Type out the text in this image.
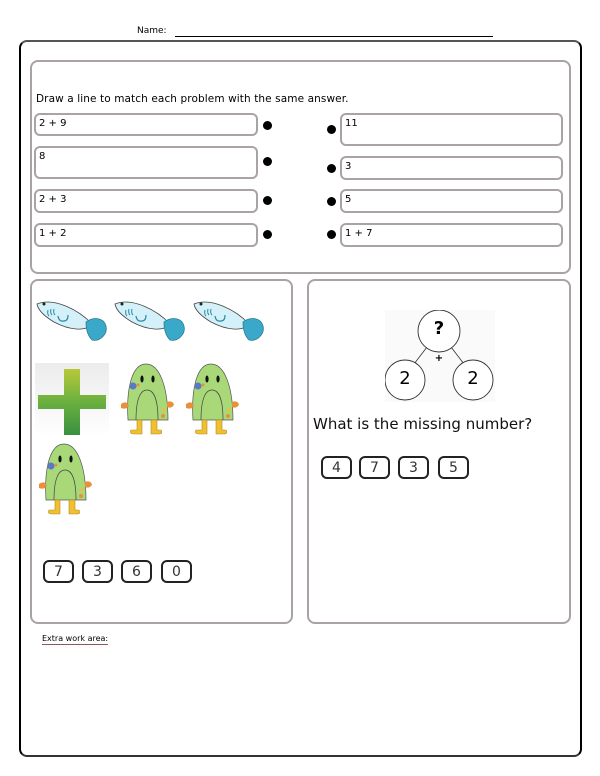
Name:
Draw a line to match each problem with the same answer.
2 + 9
8
2 + 3
1 + 2
11
3
5
1 + 7
7	3	6	0
?
2	2
+
What is the missing number?
4	7	3	5
Extra work area:
